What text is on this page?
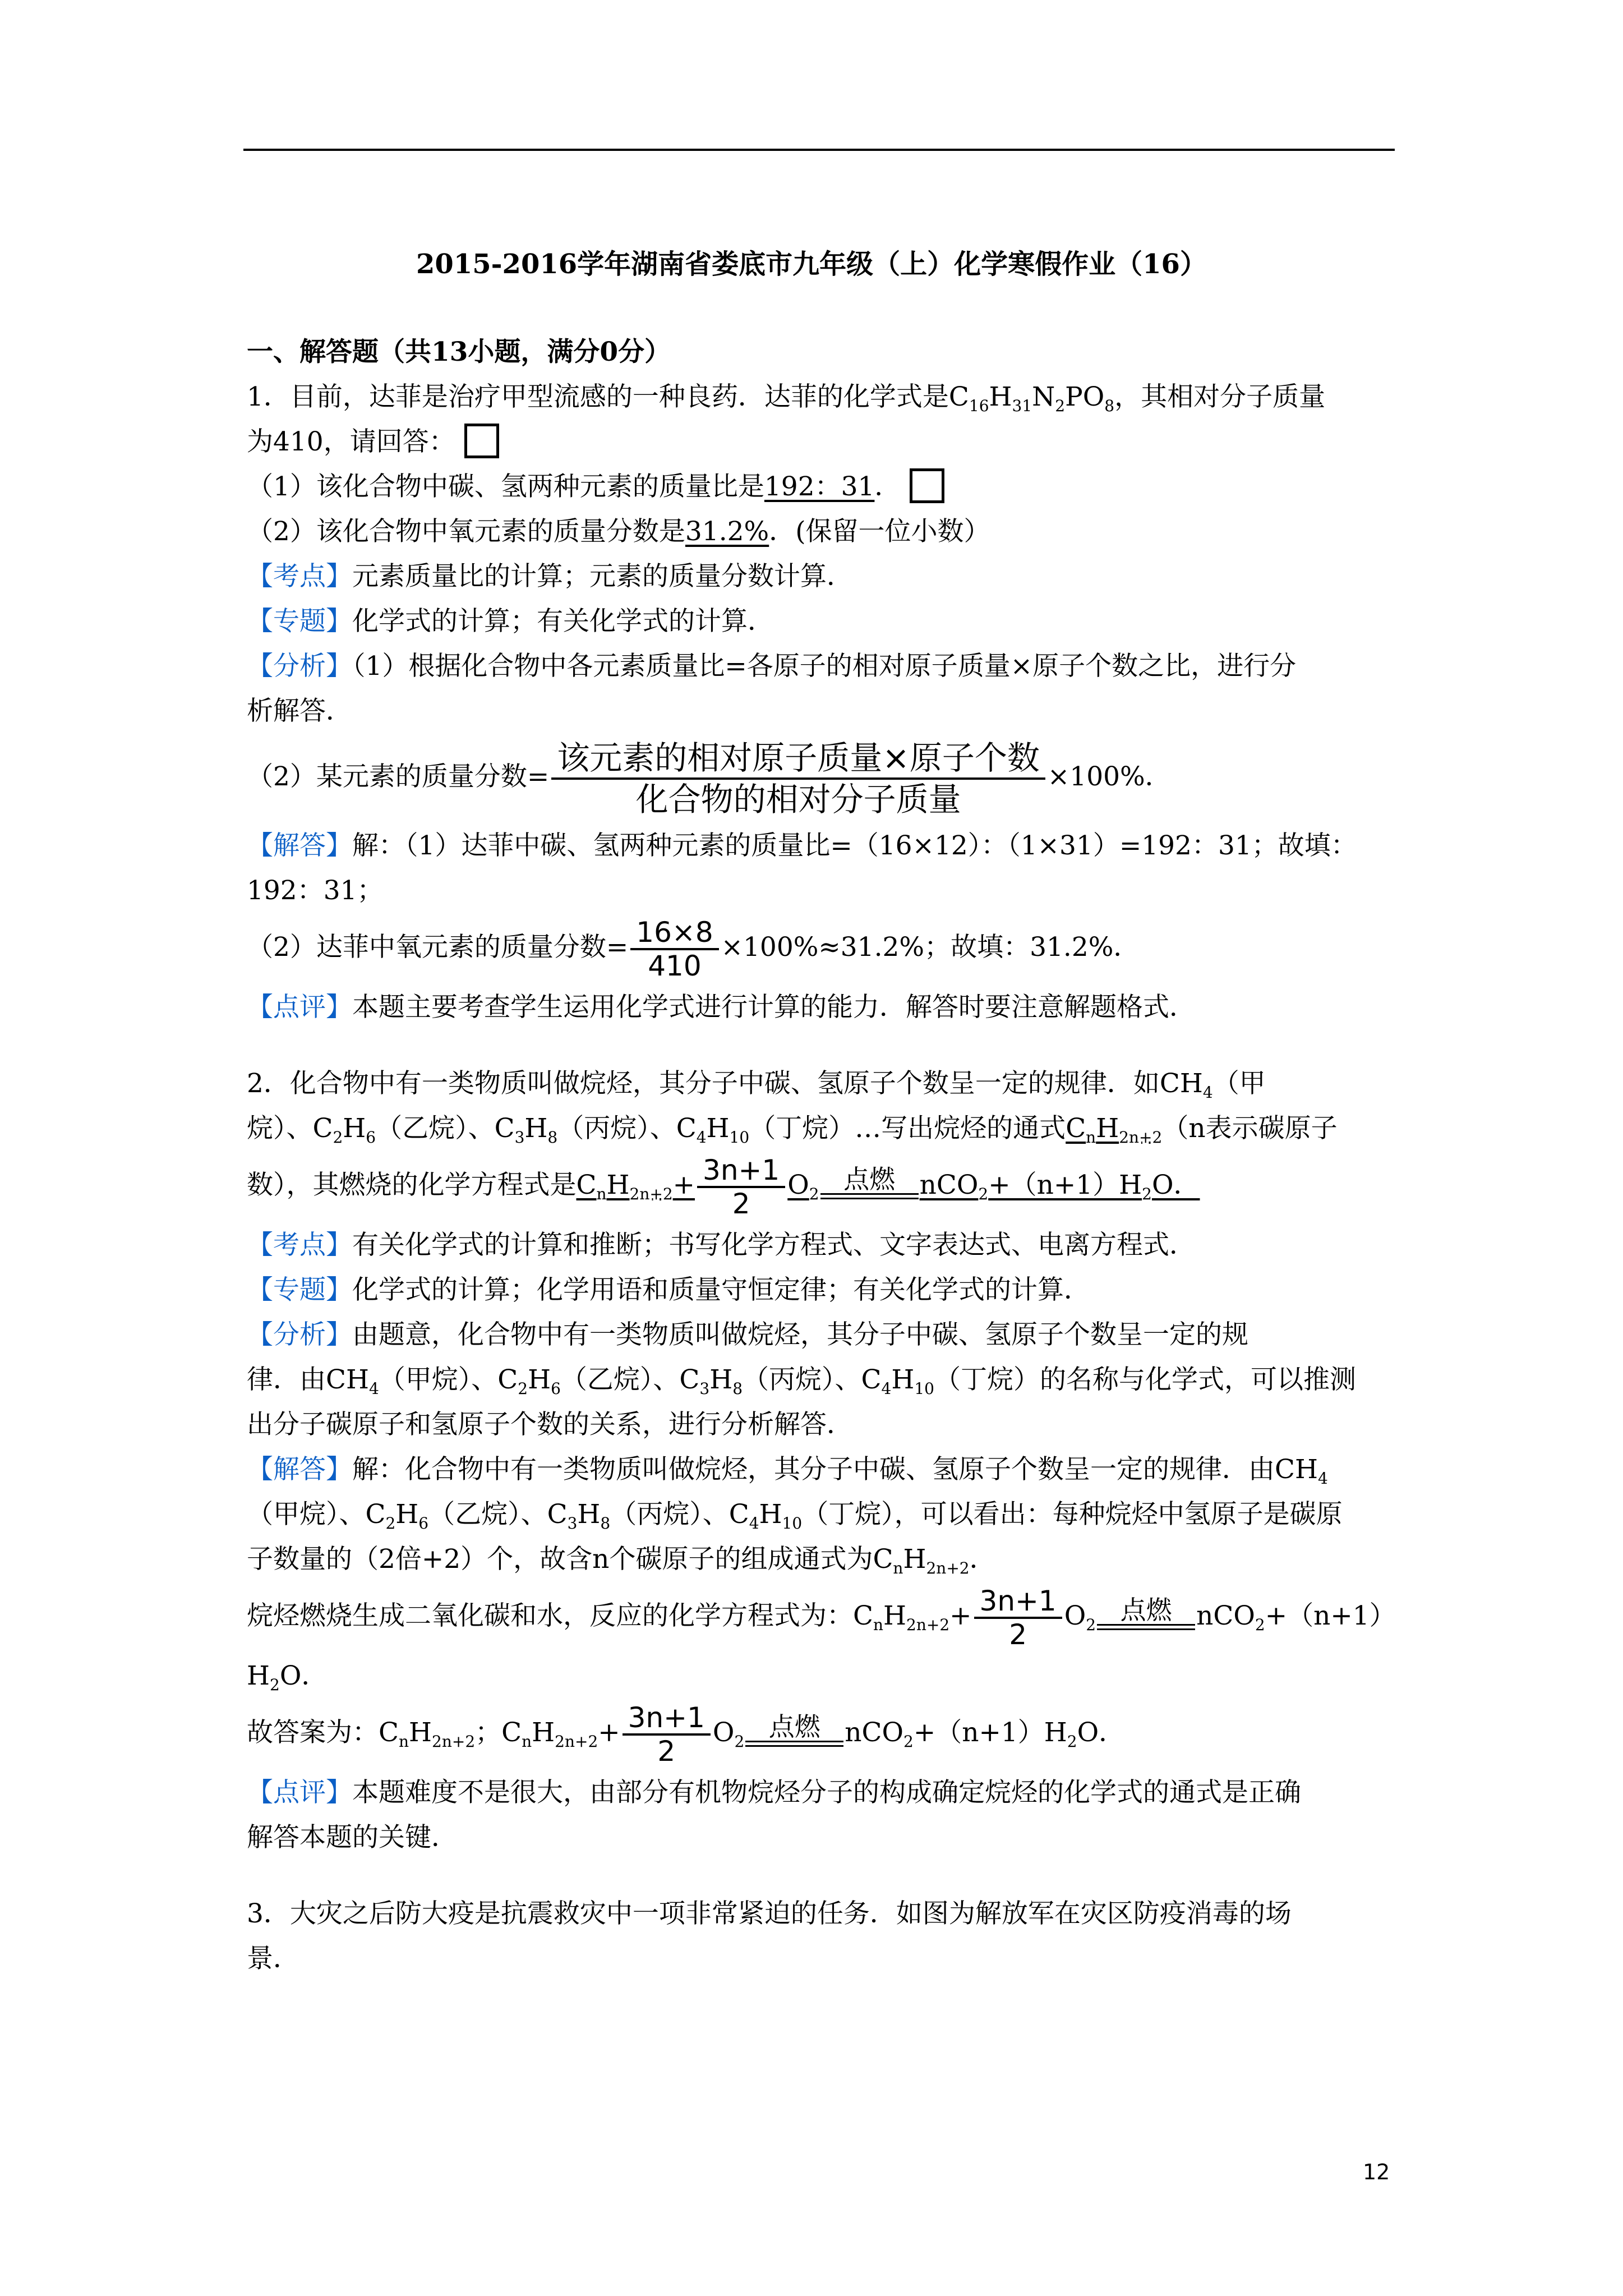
2015-2016学年湖南省娄底市九年级（上）化学寒假作业（16）

一、解答题（共13小题，满分0分）

1．目前，达菲是治疗甲型流感的一种良药．达菲的化学式是$C_{16}H_{31}N_2PO_8$，其相对分子质量

为410，请回答：

（1）该化合物中碳、氢两种元素的质量比是192：31．

（2）该化合物中氧元素的质量分数是31.2%．(保留一位小数）

【考点】元素质量比的计算；元素的质量分数计算．

【专题】化学式的计算；有关化学式的计算．

【分析】（1）根据化合物中各元素质量比=各原子的相对原子质量×原子个数之比，进行分

析解答．

（2）某元素的质量分数= $\frac{\text{该元素的相对原子质量×原子个数}}{\text{化合物的相对分子质量}} \times 100\%$．

【解答】解：（1）达菲中碳、氢两种元素的质量比=（16×12）：（1×31）=192：31；故填：

192：31；

（2）达菲中氧元素的质量分数= $\frac{16\times 8}{410} \times 100\%\approx 31.2\%$；故填：31.2%．

【点评】本题主要考查学生运用化学式进行计算的能力．解答时要注意解题格式．

2．化合物中有一类物质叫做烷烃，其分子中碳、氢原子个数呈一定的规律．如$CH_4$（甲

烷）、$C_2H_6$（乙烷）、$C_3H_8$（丙烷）、$C_4H_{10}$（丁烷）…写出烷烃的通式$C_nH_{2n+2}(n$表示碳原子

数），其燃烧的化学方程式是$C_nH_{2n+2}+ \frac{3n+1}{2} O_2$ 点燃 $nCO_2+(n+1)H_2O$．

【考点】有关化学式的计算和推断；书写化学方程式、文字表达式、电离方程式．

【专题】化学式的计算；化学用语和质量守恒定律；有关化学式的计算．

【分析】由题意，化合物中有一类物质叫做烷烃，其分子中碳、氢原子个数呈一定的规

律．由$CH_4$（甲烷）、$C_2H_6$（乙烷）、$C_3H_8$（丙烷）、$C_4H_{10}$（丁烷）的名称与化学式，可以推测

出分子碳原子和氢原子个数的关系，进行分析解答．

【解答】解：化合物中有一类物质叫做烷烃，其分子中碳、氢原子个数呈一定的规律．由$CH_4$

（甲烷）、$C_2H_6$（乙烷）、$C_3H_8$（丙烷）、$C_4H_{10}$（丁烷），可以看出：每种烷烃中氢原子是碳原

子数量的（2倍+2）个，故含n个碳原子的组成通式为$C_nH_{2n+2}$．

烷烃燃烧生成二氧化碳和水，反应的化学方程式为：$C_nH_{2n+2}+ \frac{3n+1}{2} O_2$ 点燃 nCO$_2$+（n+1）

$H_2O$．

故答案为：$C_nH_{2n+2}$；$C_nH_{2n+2}+ \frac{3n+1}{2} O_2$ 点燃 $nCO_2+(n+1)H_2O$．

【点评】本题难度不是很大，由部分有机物烷烃分子的构成确定烷烃的化学式的通式是正确

解答本题的关键．

3．大灾之后防大疫是抗震救灾中一项非常紧迫的任务．如图为解放军在灾区防疫消毒的场

景．

12
